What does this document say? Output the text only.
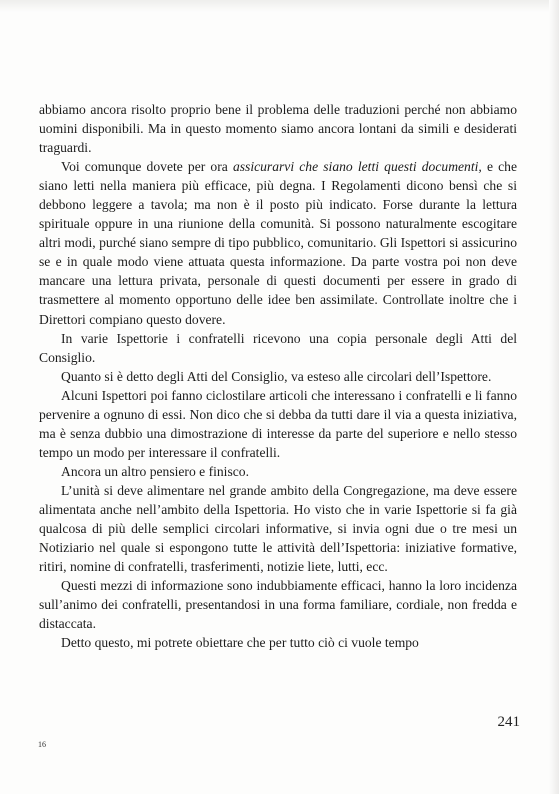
abbiamo ancora risolto proprio bene il problema delle traduzioni perché non abbiamo uomini disponibili. Ma in questo momento siamo ancora lontani da simili e desiderati traguardi.

Voi comunque dovete per ora assicurarvi che siano letti questi documenti, e che siano letti nella maniera più efficace, più degna. I Regolamenti dicono bensì che si debbono leggere a tavola; ma non è il posto più indicato. Forse durante la lettura spirituale oppure in una riunione della comunità. Si possono naturalmente escogitare altri modi, purché siano sempre di tipo pubblico, comunitario. Gli Ispettori si assicurino se e in quale modo viene attuata questa informazione. Da parte vostra poi non deve mancare una lettura privata, personale di questi documenti per essere in grado di trasmettere al momento opportuno delle idee ben assimilate. Controllate inoltre che i Direttori compiano questo dovere.

In varie Ispettorie i confratelli ricevono una copia personale degli Atti del Consiglio.

Quanto si è detto degli Atti del Consiglio, va esteso alle circolari dell’Ispettore.

Alcuni Ispettori poi fanno ciclostilare articoli che interessano i confratelli e li fanno pervenire a ognuno di essi. Non dico che si debba da tutti dare il via a questa iniziativa, ma è senza dubbio una dimostrazione di interesse da parte del superiore e nello stesso tempo un modo per interessare il confratelli.

Ancora un altro pensiero e finisco.

L’unità si deve alimentare nel grande ambito della Congregazione, ma deve essere alimentata anche nell’ambito della Ispettoria. Ho visto che in varie Ispettorie si fa già qualcosa di più delle semplici circolari informative, si invia ogni due o tre mesi un Notiziario nel quale si espongono tutte le attività dell’Ispettoria: iniziative formative, ritiri, nomine di confratelli, trasferimenti, notizie liete, lutti, ecc.

Questi mezzi di informazione sono indubbiamente efficaci, hanno la loro incidenza sull’animo dei confratelli, presentandosi in una forma familiare, cordiale, non fredda e distaccata.

Detto questo, mi potrete obiettare che per tutto ciò ci vuole tempo

241
16
